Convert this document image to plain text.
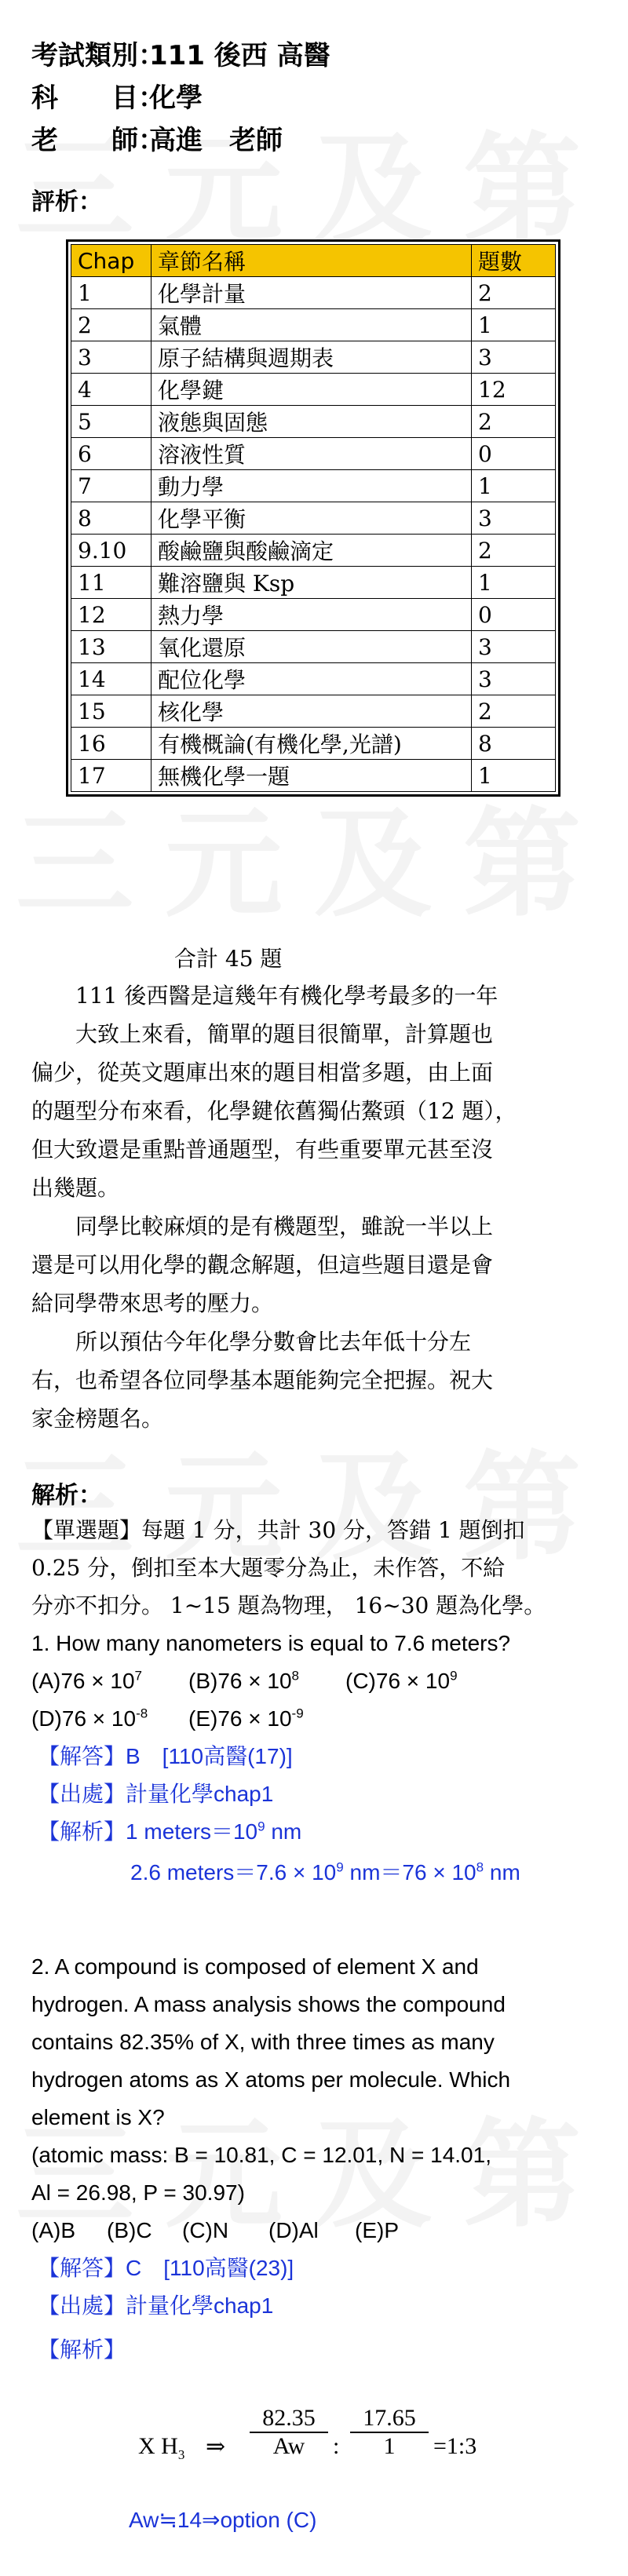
考試類別：111 後西 高醫
科　　目：化學
老　　師：高進　老師
評析：
Chap	章節名稱	題數
1	化學計量	2
2	氣體	1
3	原子結構與週期表	3
4	化學鍵	12
5	液態與固態	2
6	溶液性質	0
7	動力學	1
8	化學平衡	3
9.10	酸鹼鹽與酸鹼滴定	2
11	難溶鹽與 Ksp	1
12	熱力學	0
13	氧化還原	3
14	配位化學	3
15	核化學	2
16	有機概論(有機化學,光譜)	8
17	無機化學一題	1
合計 45 題

111 後西醫是這幾年有機化學考最多的一年

大致上來看，簡單的題目很簡單，計算題也

偏少，從英文題庫出來的題目相當多題，由上面

的題型分布來看，化學鍵依舊獨佔鰲頭（12 題），

但大致還是重點普通題型，有些重要單元甚至沒

出幾題。

同學比較麻煩的是有機題型，雖說一半以上

還是可以用化學的觀念解題，但這些題目還是會

給同學帶來思考的壓力。

所以預估今年化學分數會比去年低十分左

右，也希望各位同學基本題能夠完全把握。祝大

家金榜題名。

解析：
【單選題】每題 1 分，共計 30 分，答錯 1 題倒扣
0.25 分，倒扣至本大題零分為止，未作答，不給
分亦不扣分。 1~15 題為物理， 16~30 題為化學。
1. How many nanometers is equal to 7.6 meters?
$(A)76 \times 10^7$ $(B)76 \times 10^8$ $(C)76 \times 10^9$
$(D)76 \times 10^{-8}$ $(E)76 \times 10^{-9}$
【解答】B　[110高醫(17)]
【出處】計量化學chap1
【解析】1 $meters=10^9$ nm
2.6 meters＝7.6 × $10^9$ $nm=76 \times 10^8$ nm
2. A compound is composed of element X and
hydrogen. A mass analysis shows the compound
contains 82.35% of X, with three times as many
hydrogen atoms as X atoms per molecule. Which
element is X?
(atomic mass: B = 10.81, C = 12.01, N = 14.01,
Al = 26.98, P = 30.97)
(A)B (B)C (C)N (D)Al (E)P
【解答】C　[110高醫(23)]
【出處】計量化學chap1
【解析】
X $H_3$ ⇒ $\frac{82.35}{Aw}$ : $\frac{17.65}{1}$ =1:3
Aw≒14⇒option (C)
